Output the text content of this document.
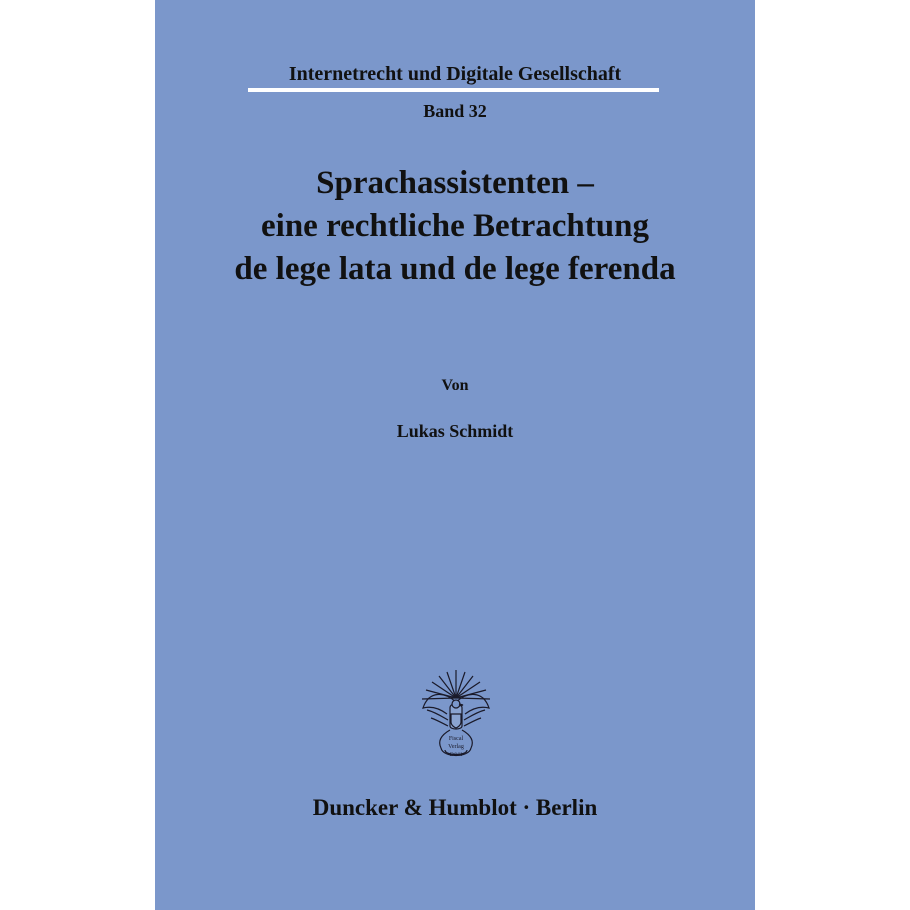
Internetrecht und Digitale Gesellschaft
Band 32
Sprachassistenten –
eine rechtliche Betrachtung
de lege lata und de lege ferenda
Von
Lukas Schmidt
Fiscal
Verlag
D&H
Duncker & Humblot · Berlin
